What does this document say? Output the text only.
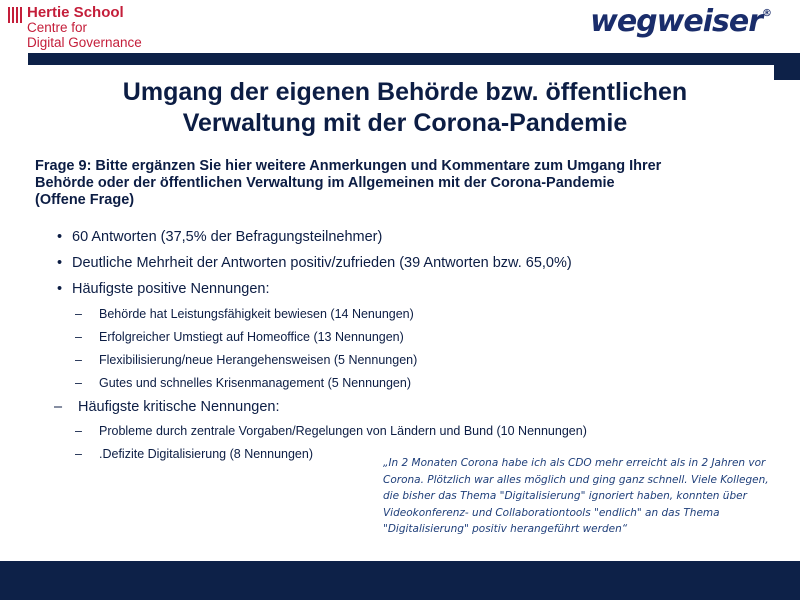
Hertie School
Centre for
Digital Governance
wegweiser®
Umgang der eigenen Behörde bzw. öffentlichen
Verwaltung mit der Corona-Pandemie

Frage 9: Bitte ergänzen Sie hier weitere Anmerkungen und Kommentare zum Umgang Ihrer
Behörde oder der öffentlichen Verwaltung im Allgemeinen mit der Corona-Pandemie
(Offene Frage)

• 60 Antworten (37,5% der Befragungsteilnehmer)
• Deutliche Mehrheit der Antworten positiv/zufrieden (39 Antworten bzw. 65,0%)
• Häufigste positive Nennungen:
– Behörde hat Leistungsfähigkeit bewiesen (14 Nenungen)
– Erfolgreicher Umstiegt auf Homeoffice (13 Nennungen)
– Flexibilisierung/neue Herangehensweisen (5 Nennungen)
– Gutes und schnelles Krisenmanagement (5 Nennungen)
– Häufigste kritische Nennungen:
– Probleme durch zentrale Vorgaben/Regelungen von Ländern und Bund (10 Nennungen)
– .Defizite Digitalisierung (8 Nennungen)

„In 2 Monaten Corona habe ich als CDO mehr erreicht als in 2 Jahren vor
Corona. Plötzlich war alles möglich und ging ganz schnell. Viele Kollegen,
die bisher das Thema "Digitalisierung" ignoriert haben, konnten über
Videokonferenz- und Collaborationtools "endlich" an das Thema
"Digitalisierung" positiv herangeführt werden“
